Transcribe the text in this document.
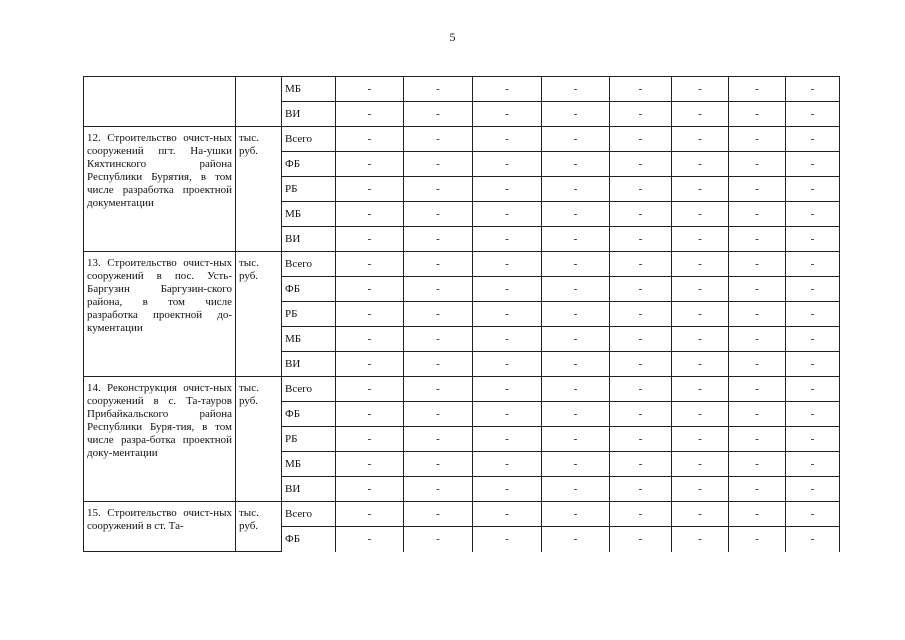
5
		МБ	-	-	-	-	-	-	-	-
		ВИ	-	-	-	-	-	-	-	-
12. Строительство очист-ных сооружений пгт. На-ушки Кяхтинского района Республики Бурятия, в том числе разработка проектной документации	тыс. руб.	Всего	-	-	-	-	-	-	-	-
		ФБ	-	-	-	-	-	-	-	-
		РБ	-	-	-	-	-	-	-	-
		МБ	-	-	-	-	-	-	-	-
		ВИ	-	-	-	-	-	-	-	-
13. Строительство очист-ных сооружений в пос. Усть-Баргузин Баргузин-ского района, в том числе разработка проектной до-кументации	тыс. руб.	Всего	-	-	-	-	-	-	-	-
		ФБ	-	-	-	-	-	-	-	-
		РБ	-	-	-	-	-	-	-	-
		МБ	-	-	-	-	-	-	-	-
		ВИ	-	-	-	-	-	-	-	-
14. Реконструкция очист-ных сооружений в с. Та-тауров Прибайкальского района Республики Буря-тия, в том числе разра-ботка проектной доку-ментации	тыс. руб.	Всего	-	-	-	-	-	-	-	-
		ФБ	-	-	-	-	-	-	-	-
		РБ	-	-	-	-	-	-	-	-
		МБ	-	-	-	-	-	-	-	-
		ВИ	-	-	-	-	-	-	-	-
15. Строительство очист-ных сооружений в ст. Та-	тыс. руб.	Всего	-	-	-	-	-	-	-	-
		ФБ	-	-	-	-	-	-	-	-
